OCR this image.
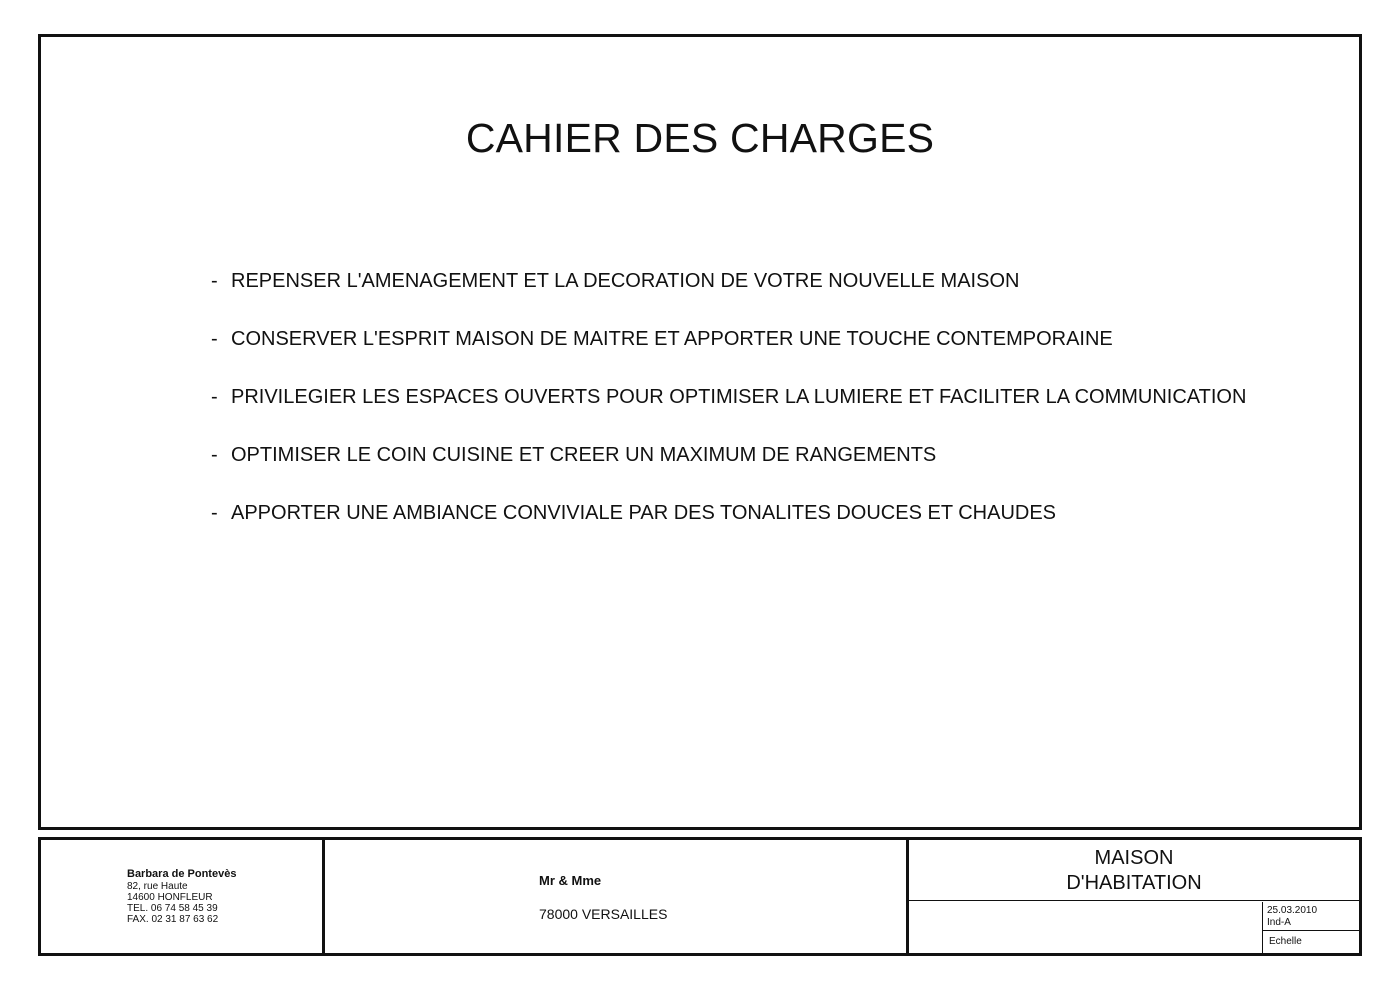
CAHIER DES CHARGES
- REPENSER L'AMENAGEMENT ET LA DECORATION DE VOTRE NOUVELLE MAISON
- CONSERVER L'ESPRIT MAISON DE MAITRE ET APPORTER UNE TOUCHE CONTEMPORAINE
- PRIVILEGIER LES ESPACES OUVERTS POUR OPTIMISER LA LUMIERE ET FACILITER LA COMMUNICATION
- OPTIMISER LE COIN CUISINE ET CREER UN MAXIMUM DE RANGEMENTS
- APPORTER UNE AMBIANCE CONVIVIALE PAR DES TONALITES DOUCES ET CHAUDES
Barbara de Pontevès
82, rue Haute
14600 HONFLEUR
TEL. 06 74 58 45 39
FAX. 02 31 87 63 62
Mr & Mme
78000 VERSAILLES
MAISON
D'HABITATION
25.03.2010
Ind-A
Echelle
